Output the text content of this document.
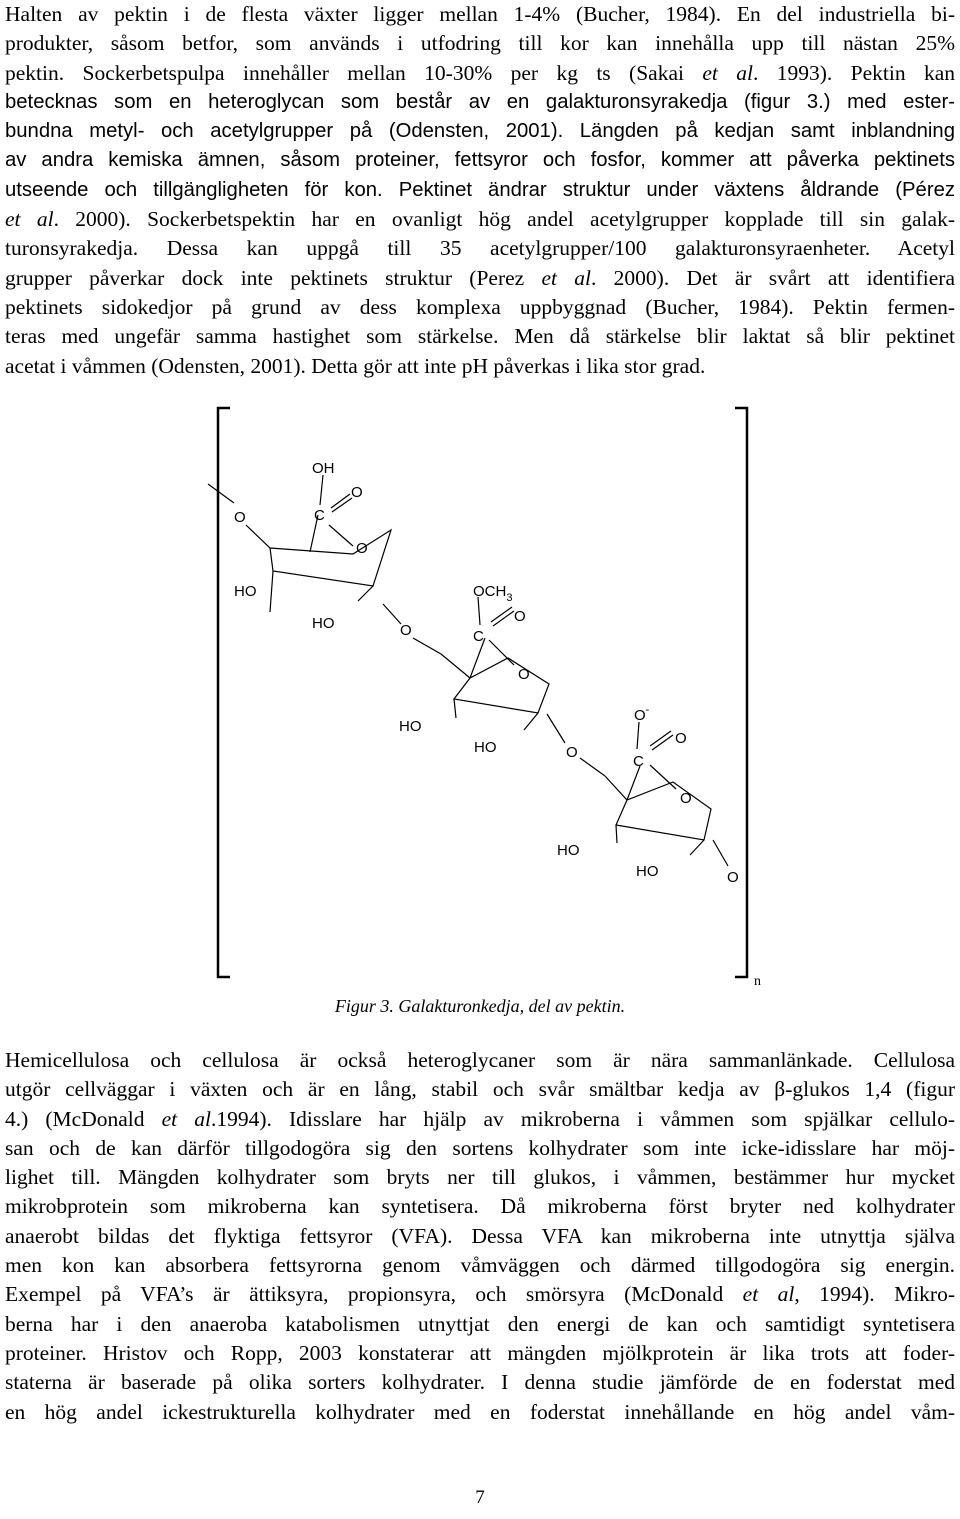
Halten av pektin i de flesta växter ligger mellan 1-4% (Bucher, 1984). En del industriella bi-
produkter, såsom betfor, som används i utfodring till kor kan innehålla upp till nästan 25%
pektin. Sockerbetspulpa innehåller mellan 10-30% per kg ts (Sakai et al. 1993). Pektin kan
betecknas som en heteroglycan som består av en galakturonsyrakedja (figur 3.) med ester-
bundna metyl- och acetylgrupper på (Odensten, 2001). Längden på kedjan samt inblandning
av andra kemiska ämnen, såsom proteiner, fettsyror och fosfor, kommer att påverka pektinets
utseende och tillgängligheten för kon. Pektinet ändrar struktur under växtens åldrande (Pérez
et al. 2000). Sockerbetspektin har en ovanligt hög andel acetylgrupper kopplade till sin galak-
turonsyrakedja. Dessa kan uppgå till 35 acetylgrupper/100 galakturonsyraenheter. Acetyl
grupper påverkar dock inte pektinets struktur (Perez et al. 2000). Det är svårt att identifiera
pektinets sidokedjor på grund av dess komplexa uppbyggnad (Bucher, 1984). Pektin fermen-
teras med ungefär samma hastighet som stärkelse. Men då stärkelse blir laktat så blir pektinet
acetat i våmmen (Odensten, 2001). Detta gör att inte pH påverkas i lika stor grad.
n
O
OH
C
O
O
HO
HO	O
$OCH_3$
C
O
O
HO
HO	O
O-
C
O
O
HO
HO	O
Figur 3. Galakturonkedja, del av pektin.
Hemicellulosa och cellulosa är också heteroglycaner som är nära sammanlänkade. Cellulosa
utgör cellväggar i växten och är en lång, stabil och svår smältbar kedja av β-glukos 1,4 (figur
4.) (McDonald et al.1994). Idisslare har hjälp av mikroberna i våmmen som spjälkar cellulo-
san och de kan därför tillgodogöra sig den sortens kolhydrater som inte icke-idisslare har möj-
lighet till. Mängden kolhydrater som bryts ner till glukos, i våmmen, bestämmer hur mycket
mikrobprotein som mikroberna kan syntetisera. Då mikroberna först bryter ned kolhydrater
anaerobt bildas det flyktiga fettsyror (VFA). Dessa VFA kan mikroberna inte utnyttja själva
men kon kan absorbera fettsyrorna genom våmväggen och därmed tillgodogöra sig energin.
Exempel på VFA’s är ättiksyra, propionsyra, och smörsyra (McDonald et al, 1994). Mikro-
berna har i den anaeroba katabolismen utnyttjat den energi de kan och samtidigt syntetisera
proteiner. Hristov och Ropp, 2003 konstaterar att mängden mjölkprotein är lika trots att foder-
staterna är baserade på olika sorters kolhydrater. I denna studie jämförde de en foderstat med
en hög andel ickestrukturella kolhydrater med en foderstat innehållande en hög andel våm-
7
